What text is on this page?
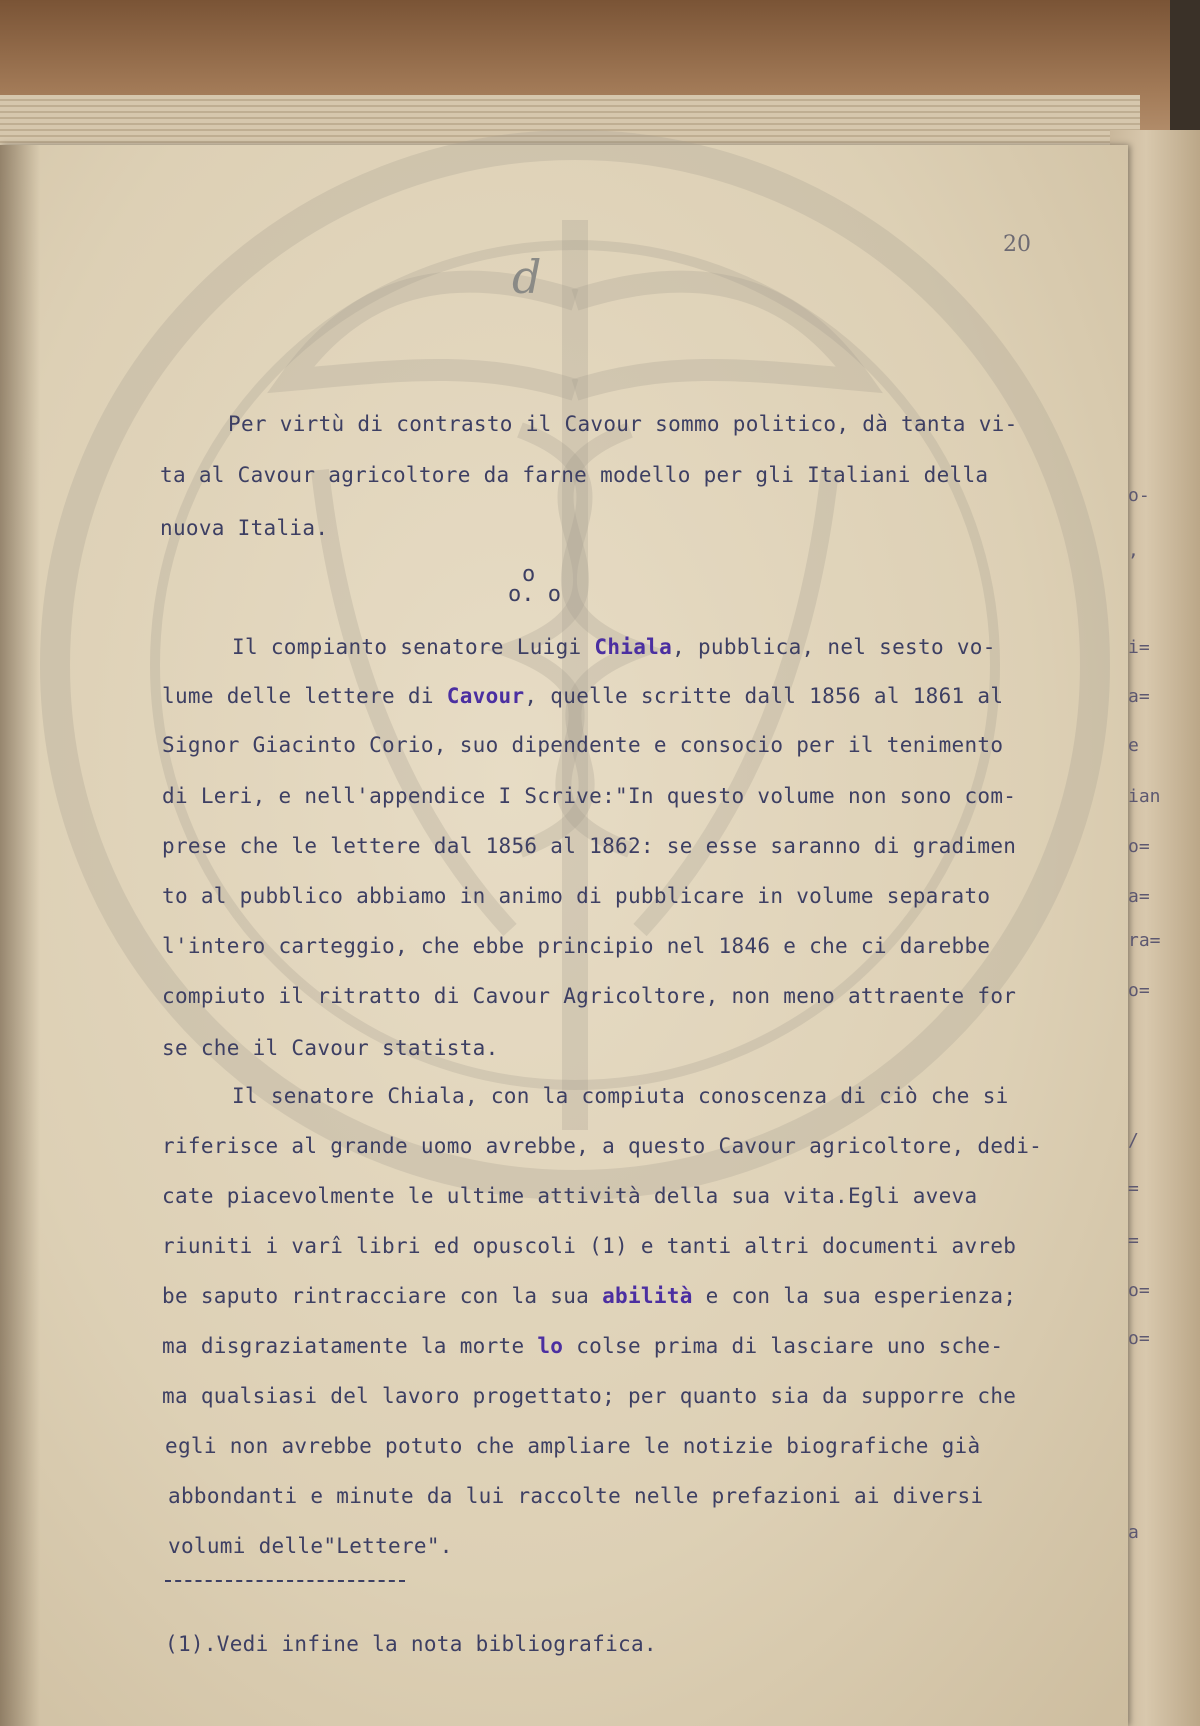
20
d
Per virtù di contrasto il Cavour sommo politico, dà tanta vi-
ta al Cavour agricoltore da farne modello per gli Italiani della
nuova Italia.
o
o. o
Il compianto senatore Luigi Chiala, pubblica, nel sesto vo-
lume delle lettere di Cavour, quelle scritte dall 1856 al 1861 al
Signor Giacinto Corio, suo dipendente e consocio per il tenimento
di Leri, e nell'appendice I Scrive:"In questo volume non sono com-
prese che le lettere dal 1856 al 1862: se esse saranno di gradimen
to al pubblico abbiamo in animo di pubblicare in volume separato
l'intero carteggio, che ebbe principio nel 1846 e che ci darebbe
compiuto il ritratto di Cavour Agricoltore, non meno attraente for
se che il Cavour statista.
Il senatore Chiala, con la compiuta conoscenza di ciò che si
riferisce al grande uomo avrebbe, a questo Cavour agricoltore, dedi-
cate piacevolmente le ultime attività della sua vita.Egli aveva
riuniti i varî libri ed opuscoli (1) e tanti altri documenti avreb
be saputo rintracciare con la sua abilità e con la sua esperienza;
ma disgraziatamente la morte lo colse prima di lasciare uno sche-
ma qualsiasi del lavoro progettato; per quanto sia da supporre che
egli non avrebbe potuto che ampliare le notizie biografiche già
abbondanti e minute da lui raccolte nelle prefazioni ai diversi
volumi delle"Lettere".
(1).Vedi infine la nota bibliografica.
o-
,
i=
a=
e
ian
o=
a=
ra=
o=
/
=
=
o=
o=
a
